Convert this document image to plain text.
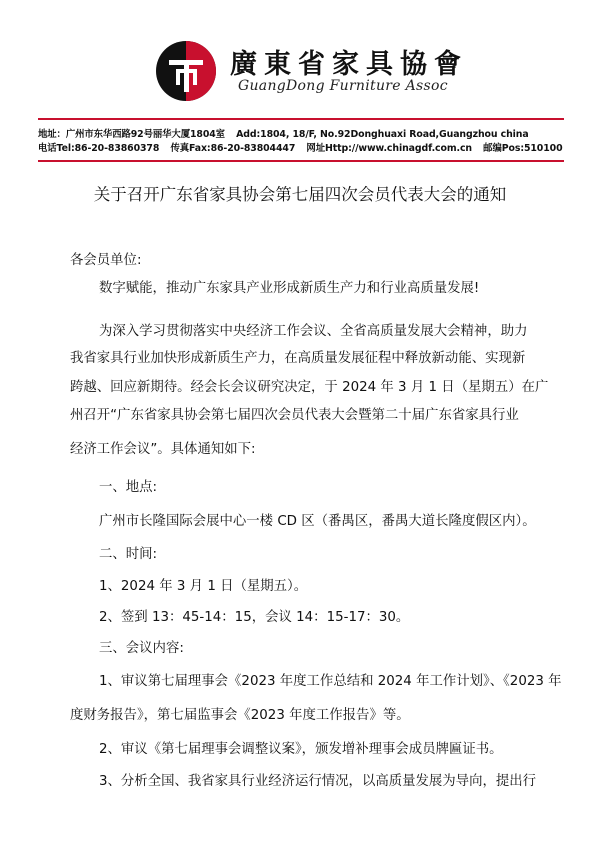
廣東省家具協會
GuangDong Furniture Assoc
地址：广州市东华西路92号丽华大厦1804室 Add:1804, 18/F, No.92Donghuaxi Road,Guangzhou china
电话Tel:86-20-83860378 传真Fax:86-20-83804447 网址Http://www.chinagdf.com.cn 邮编Pos:510100
关于召开广东省家具协会第七届四次会员代表大会的通知
各会员单位:
数字赋能，推动广东家具产业形成新质生产力和行业高质量发展!
为深入学习贯彻落实中央经济工作会议、全省高质量发展大会精神，助力
我省家具行业加快形成新质生产力，在高质量发展征程中释放新动能、实现新
跨越、回应新期待。经会长会议研究决定，于 2024 年 3 月 1 日（星期五）在广
州召开“广东省家具协会第七届四次会员代表大会暨第二十届广东省家具行业
经济工作会议”。具体通知如下:
一、地点:
广州市长隆国际会展中心一楼 CD 区（番禺区，番禺大道长隆度假区内）。
二、时间:
1、2024 年 3 月 1 日（星期五）。
2、签到 13：45-14：15，会议 14：15-17：30。
三、会议内容:
1、审议第七届理事会《2023 年度工作总结和 2024 年工作计划》、《2023 年
度财务报告》，第七届监事会《2023 年度工作报告》等。
2、审议《第七届理事会调整议案》，颁发增补理事会成员牌匾证书。
3、分析全国、我省家具行业经济运行情况，以高质量发展为导向，提出行
